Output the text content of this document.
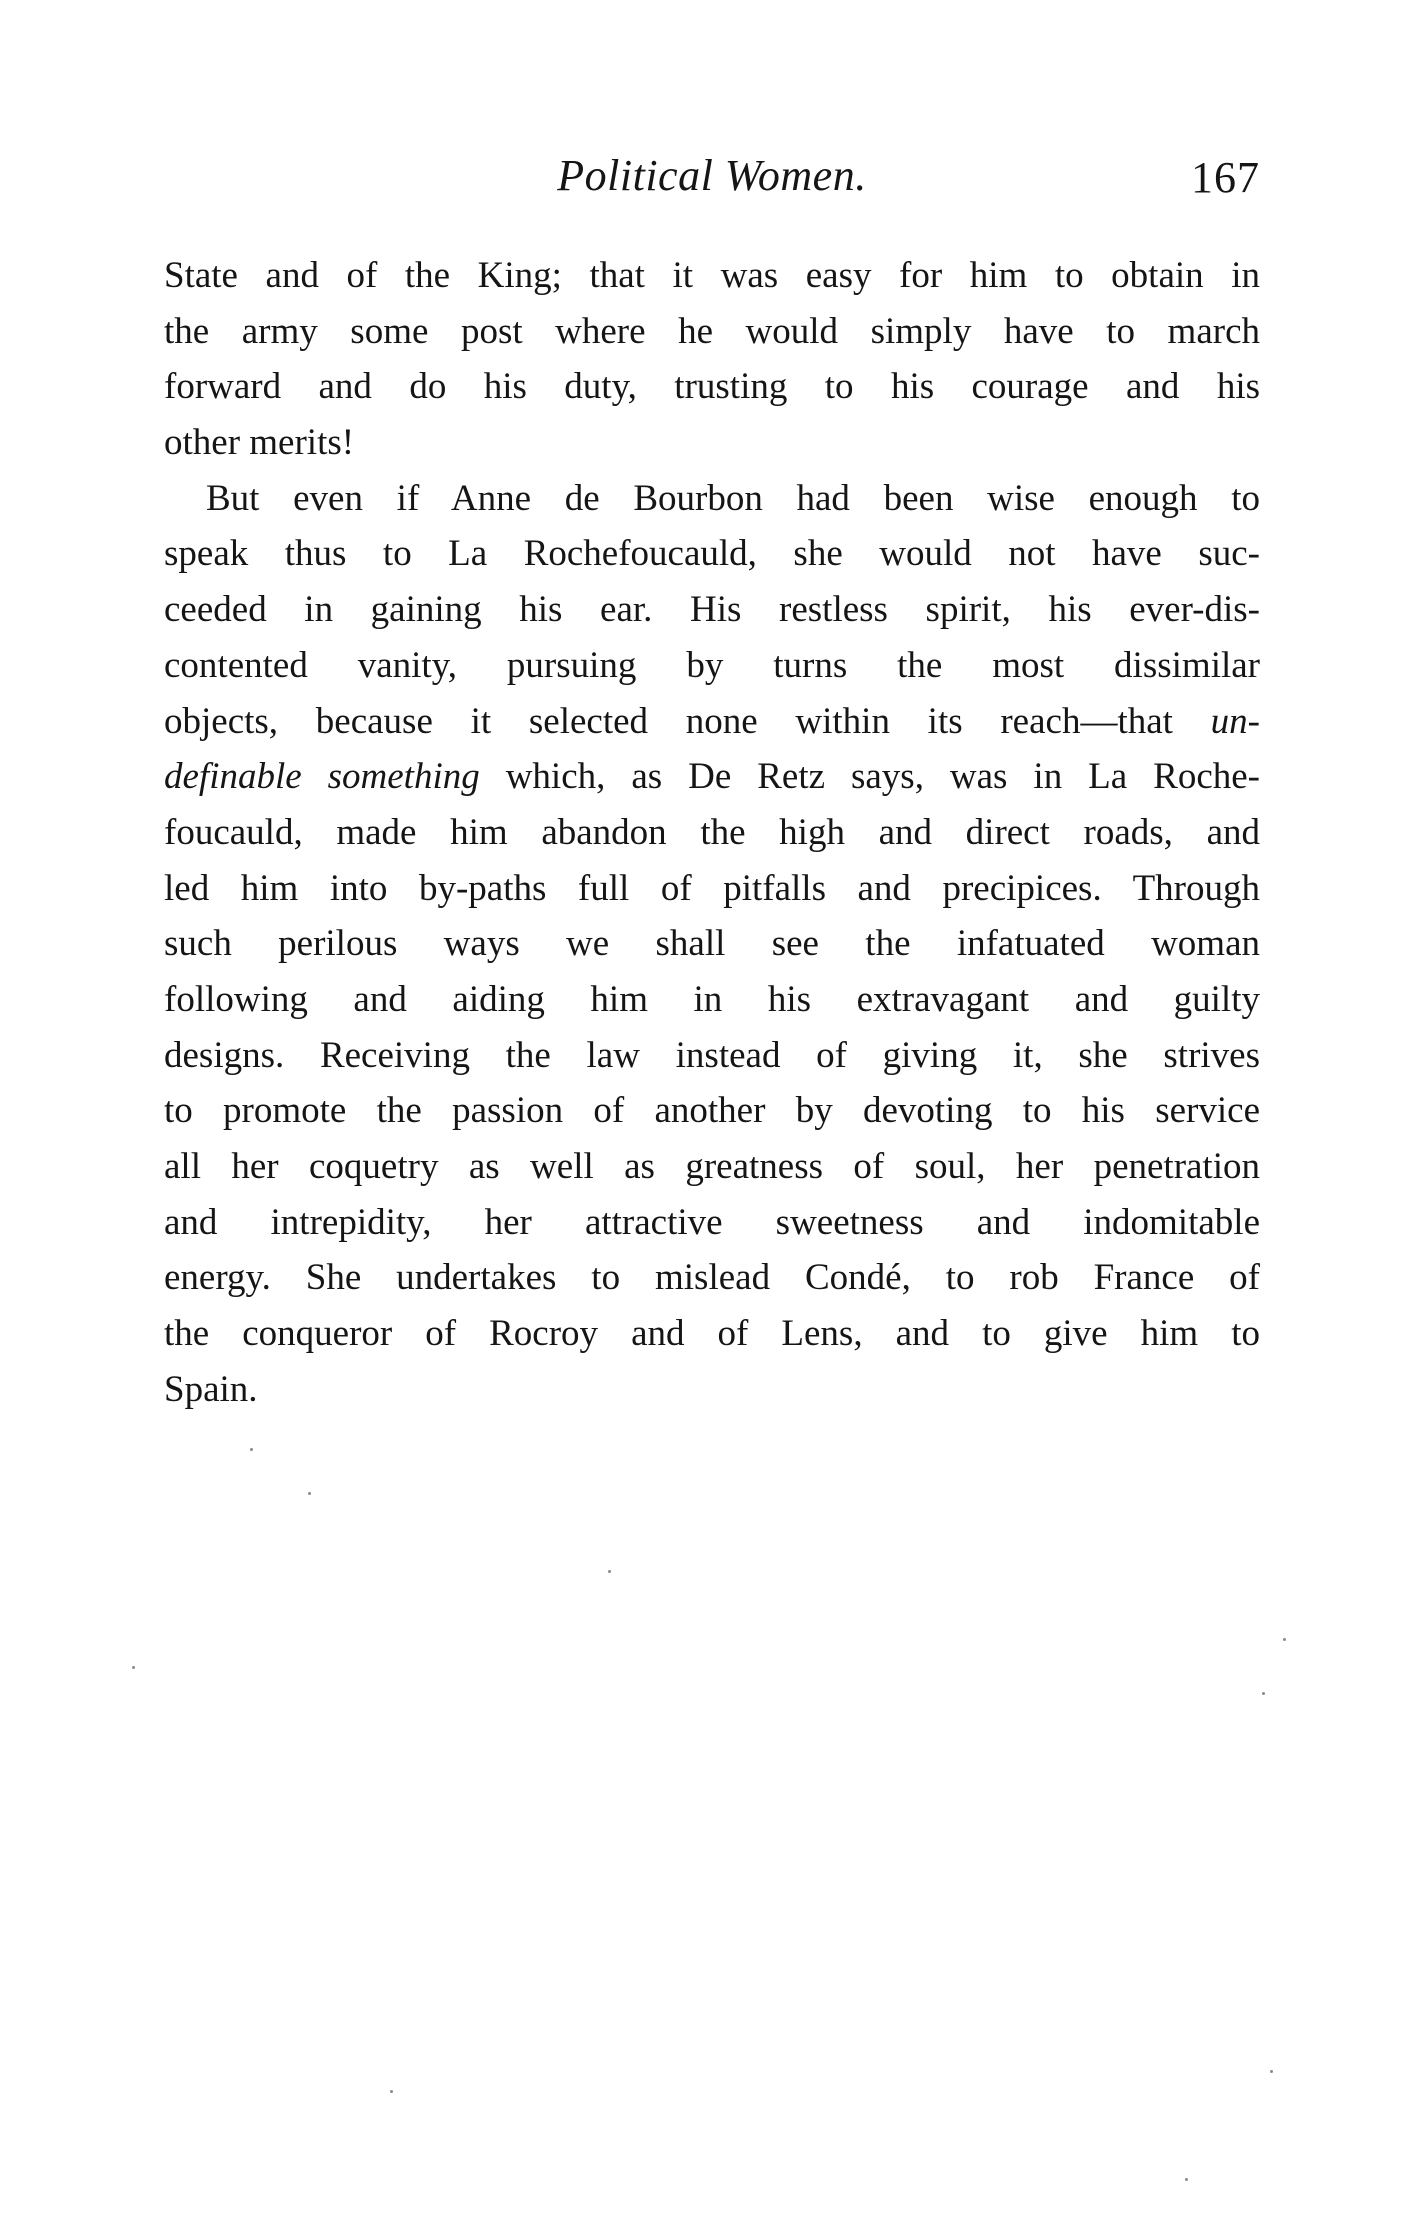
Political Women.	167
State and of the King; that it was easy for him to obtain in
the army some post where he would simply have to march
forward and do his duty, trusting to his courage and his
other merits!
But even if Anne de Bourbon had been wise enough to
speak thus to La Rochefoucauld, she would not have suc-
ceeded in gaining his ear. His restless spirit, his ever-dis-
contented vanity, pursuing by turns the most dissimilar
objects, because it selected none within its reach—that un-
definable something which, as De Retz says, was in La Roche-
foucauld, made him abandon the high and direct roads, and
led him into by-paths full of pitfalls and precipices. Through
such perilous ways we shall see the infatuated woman
following and aiding him in his extravagant and guilty
designs. Receiving the law instead of giving it, she strives
to promote the passion of another by devoting to his service
all her coquetry as well as greatness of soul, her penetration
and intrepidity, her attractive sweetness and indomitable
energy. She undertakes to mislead Condé, to rob France of
the conqueror of Rocroy and of Lens, and to give him to
Spain.
